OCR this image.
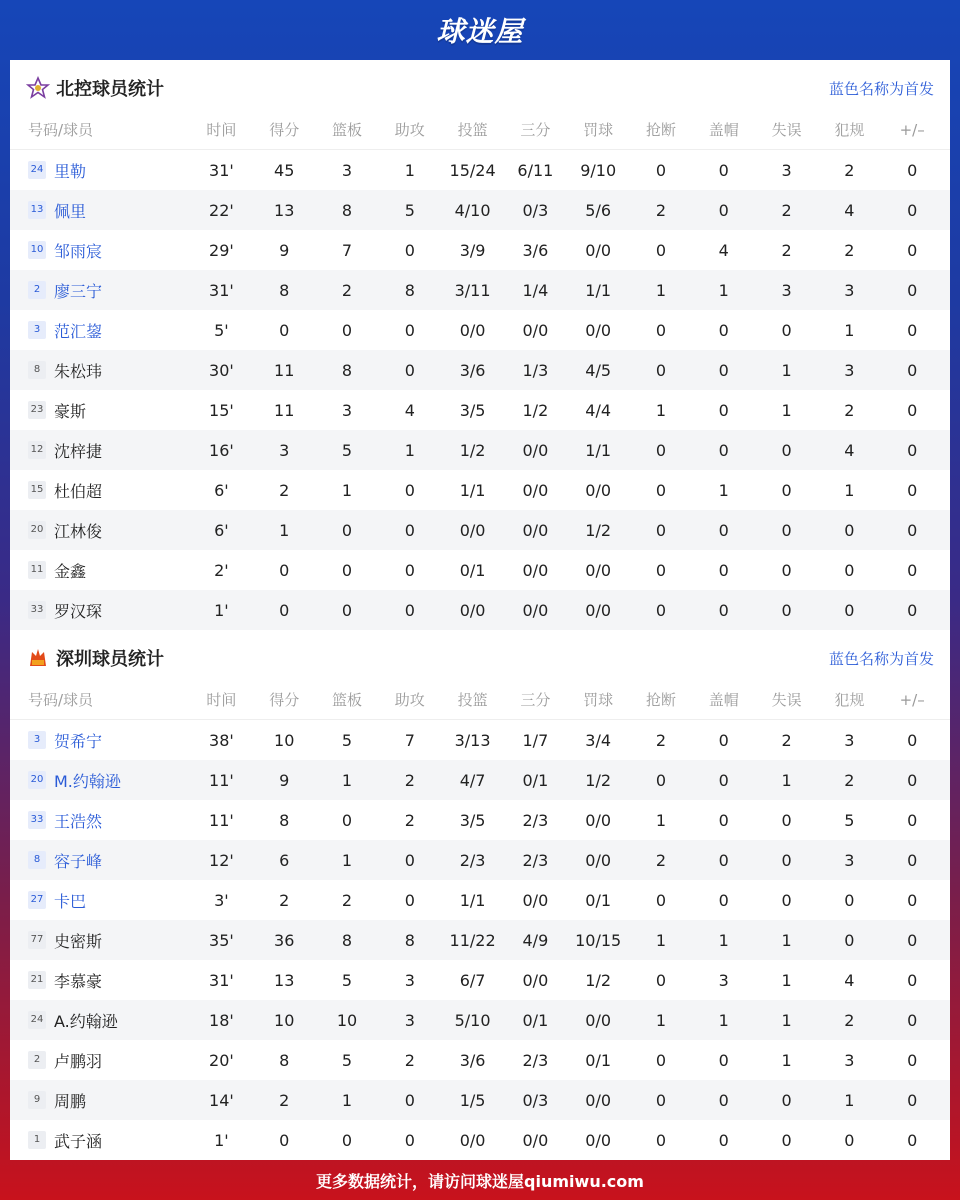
球迷屋
北控球员统计	蓝色名称为首发
号码/球员	时间	得分	篮板	助攻	投篮	三分	罚球	抢断	盖帽	失误	犯规	+/–
24 里勒	31'	45	3	1	15/24	6/11	9/10	0	0	3	2	0
13 佩里	22'	13	8	5	4/10	0/3	5/6	2	0	2	4	0
10 邹雨宸	29'	9	7	0	3/9	3/6	0/0	0	4	2	2	0
2 廖三宁	31'	8	2	8	3/11	1/4	1/1	1	1	3	3	0
3 范汇鋆	5'	0	0	0	0/0	0/0	0/0	0	0	0	1	0
8 朱松玮	30'	11	8	0	3/6	1/3	4/5	0	0	1	3	0
23 豪斯	15'	11	3	4	3/5	1/2	4/4	1	0	1	2	0
12 沈梓捷	16'	3	5	1	1/2	0/0	1/1	0	0	0	4	0
15 杜伯超	6'	2	1	0	1/1	0/0	0/0	0	1	0	1	0
20 江林俊	6'	1	0	0	0/0	0/0	1/2	0	0	0	0	0
11 金鑫	2'	0	0	0	0/1	0/0	0/0	0	0	0	0	0
33 罗汉琛	1'	0	0	0	0/0	0/0	0/0	0	0	0	0	0
深圳球员统计	蓝色名称为首发
号码/球员	时间	得分	篮板	助攻	投篮	三分	罚球	抢断	盖帽	失误	犯规	+/–
3 贺希宁	38'	10	5	7	3/13	1/7	3/4	2	0	2	3	0
20 M.约翰逊	11'	9	1	2	4/7	0/1	1/2	0	0	1	2	0
33 王浩然	11'	8	0	2	3/5	2/3	0/0	1	0	0	5	0
8 容子峰	12'	6	1	0	2/3	2/3	0/0	2	0	0	3	0
27 卡巴	3'	2	2	0	1/1	0/0	0/1	0	0	0	0	0
77 史密斯	35'	36	8	8	11/22	4/9	10/15	1	1	1	0	0
21 李慕豪	31'	13	5	3	6/7	0/0	1/2	0	3	1	4	0
24 A.约翰逊	18'	10	10	3	5/10	0/1	0/0	1	1	1	2	0
2 卢鹏羽	20'	8	5	2	3/6	2/3	0/1	0	0	1	3	0
9 周鹏	14'	2	1	0	1/5	0/3	0/0	0	0	0	1	0
1 武子涵	1'	0	0	0	0/0	0/0	0/0	0	0	0	0	0
更多数据统计，请访问球迷屋qiumiwu.com
